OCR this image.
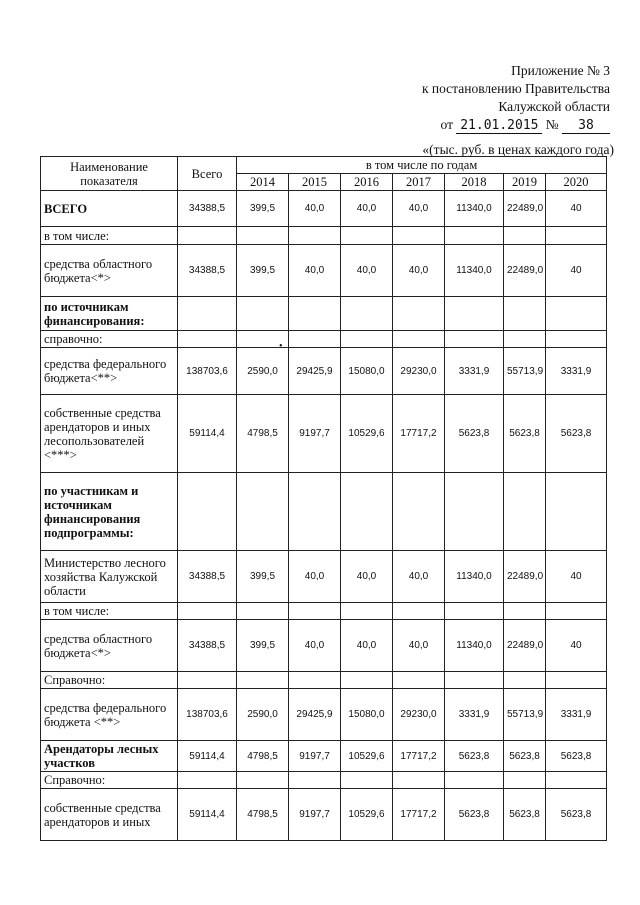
Приложение № 3
к постановлению Правительства
Калужской области
от 21.01.2015 № 38
«(тыс. руб. в ценах каждого года)
Наименование показателя	Всего	в том числе по годам						
		2014	2015	2016	2017	2018	2019	2020
ВСЕГО	34388,5	399,5	40,0	40,0	40,0	11340,0	22489,0	40
в том числе:								
средства областного бюджета<*>	34388,5	399,5	40,0	40,0	40,0	11340,0	22489,0	40
по источникам финансирования:								
справочно:								
средства федерального бюджета<**>	138703,6	2590,0	29425,9	15080,0	29230,0	3331,9	55713,9	3331,9
собственные средства арендаторов и иных лесопользователей <***>	59114,4	4798,5	9197,7	10529,6	17717,2	5623,8	5623,8	5623,8
по участникам и источникам финансирования подпрограммы:								
Министерство лесного хозяйства Калужской области	34388,5	399,5	40,0	40,0	40,0	11340,0	22489,0	40
в том числе:								
средства областного бюджета<*>	34388,5	399,5	40,0	40,0	40,0	11340,0	22489,0	40
Справочно:								
средства федерального бюджета <**>	138703,6	2590,0	29425,9	15080,0	29230,0	3331,9	55713,9	3331,9
Арендаторы лесных участков	59114,4	4798,5	9197,7	10529,6	17717,2	5623,8	5623,8	5623,8
Справочно:								
собственные средства арендаторов и иных	59114,4	4798,5	9197,7	10529,6	17717,2	5623,8	5623,8	5623,8
•
